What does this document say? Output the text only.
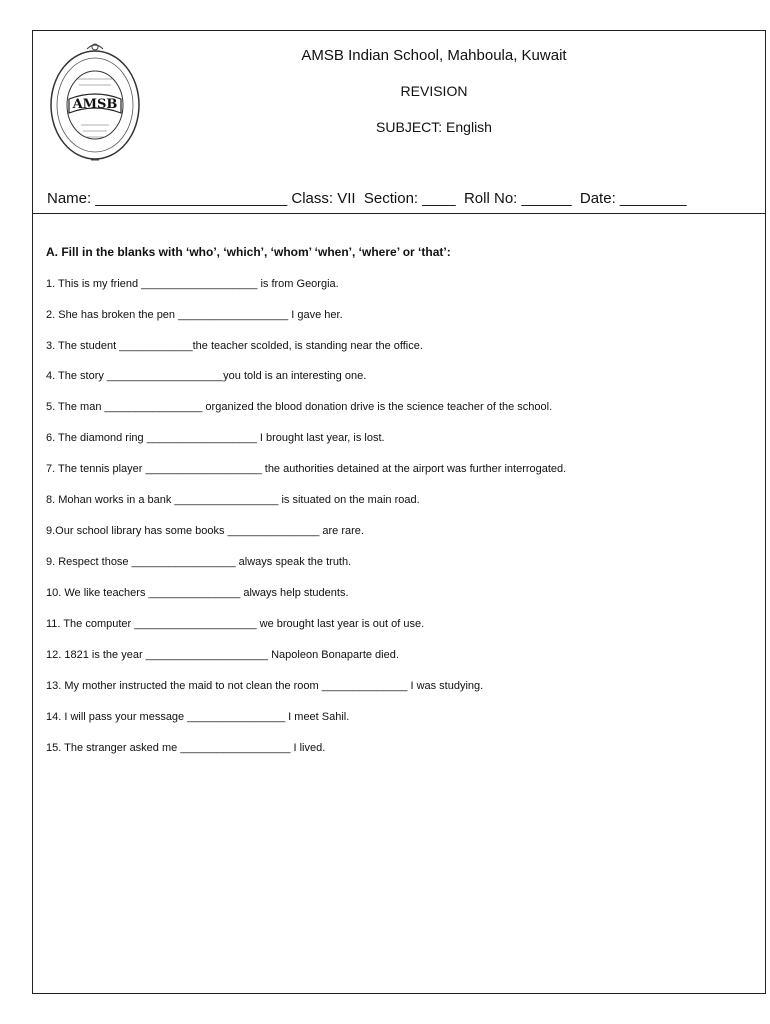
AMSB
AMSB Indian School, Mahboula, Kuwait
REVISION
SUBJECT: English
Name: _______________________ Class: VII  Section: ____  Roll No: ______  Date: ________
A. Fill in the blanks with ‘who’, ‘which’, ‘whom’ ‘when’, ‘where’ or ‘that’:
1. This is my friend ___________________ is from Georgia.
2. She has broken the pen __________________ I gave her.
3. The student ____________the teacher scolded, is standing near the office.
4. The story ___________________you told is an interesting one.
5. The man ________________ organized the blood donation drive is the science teacher of the school.
6. The diamond ring __________________ I brought last year, is lost.
7. The tennis player ___________________ the authorities detained at the airport was further interrogated.
8. Mohan works in a bank _________________ is situated on the main road.
9.Our school library has some books _______________ are rare.
9. Respect those _________________ always speak the truth.
10. We like teachers _______________ always help students.
11. The computer ____________________ we brought last year is out of use.
12. 1821 is the year ____________________ Napoleon Bonaparte died.
13. My mother instructed the maid to not clean the room ______________ I was studying.
14. I will pass your message ________________ I meet Sahil.
15. The stranger asked me __________________ I lived.
